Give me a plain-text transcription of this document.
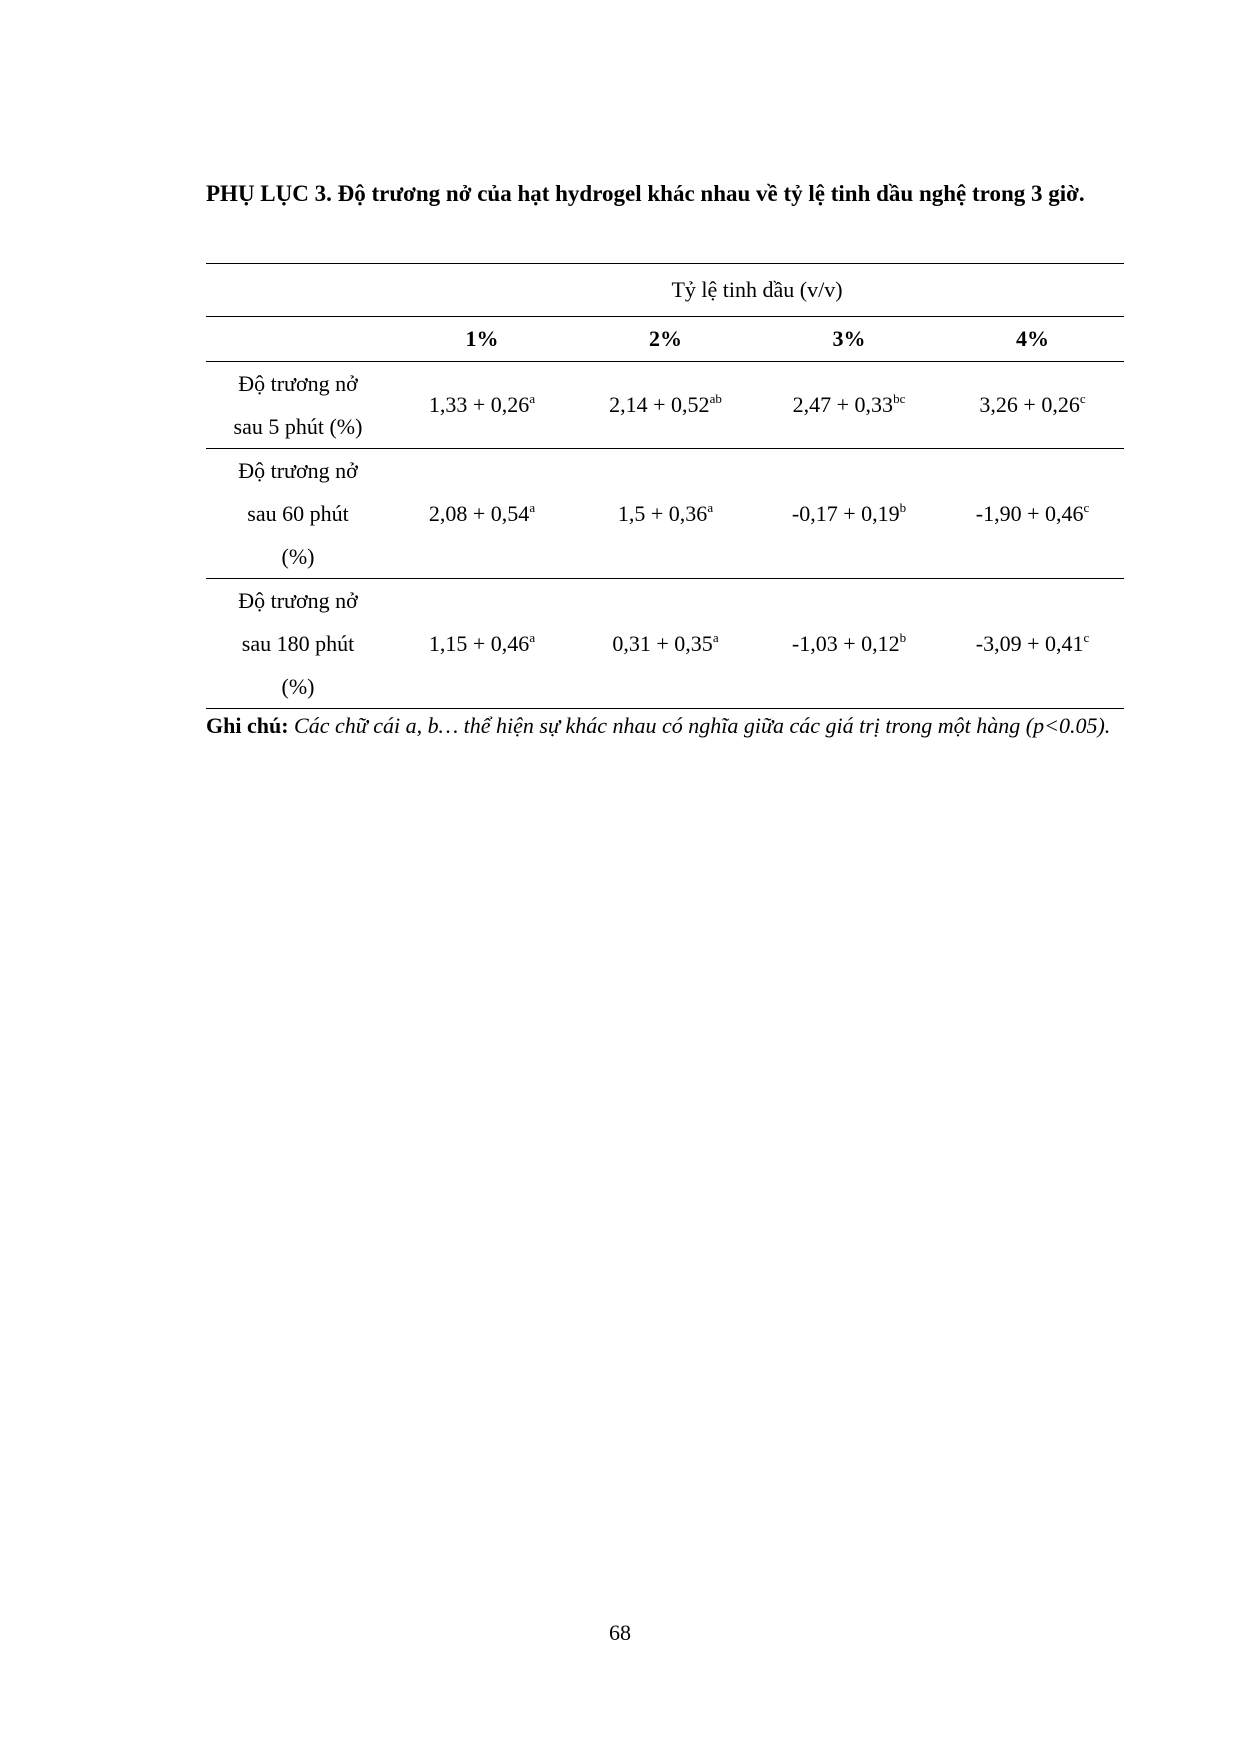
PHỤ LỤC 3. Độ trương nở của hạt hydrogel khác nhau về tỷ lệ tinh dầu nghệ trong 3 giờ.

	Tỷ lệ tinh dầu (v/v)			
	1%	2%	3%	4%

Độ trương nở
sau 5 phút (%)	1,33 + 0,26$^a$	2,14 + 0,52$^{ab}$	2,47 + 0,33$^{bc}$	3,26 + 0,26$^c$

Độ trương nở
sau 60 phút
(%)	2,08 + 0,54$^a$	1,5 + 0,36$^a$	-0,17 + 0,19$^b$	-1,90 + 0,46$^c$

Độ trương nở
sau 180 phút
(%)	1,15 + 0,46$^a$	0,31 + 0,35$^a$	-1,03 + 0,12$^b$	-3,09 + 0,41$^c$

Ghi chú: Các chữ cái a, b… thể hiện sự khác nhau có nghĩa giữa các giá trị trong một hàng (p<0.05).

68
